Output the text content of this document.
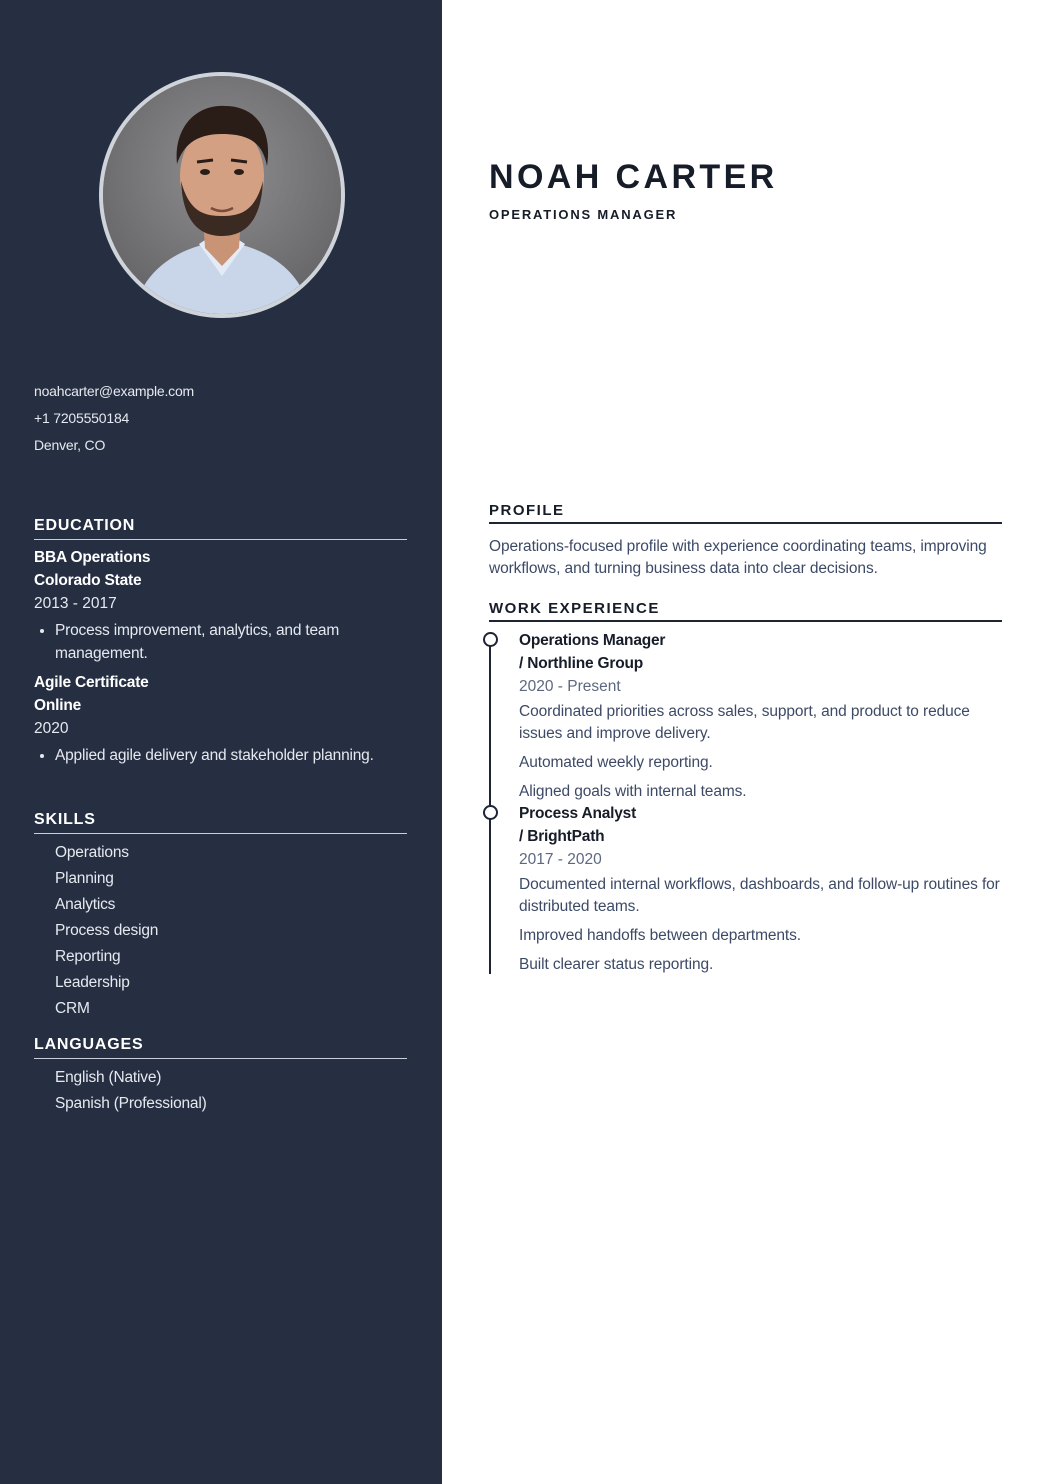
noahcarter@example.com
+1 7205550184
Denver, CO
EDUCATION
BBA Operations
Colorado State
2013 - 2017
• Process improvement, analytics, and team management.
Agile Certificate
Online
2020
• Applied agile delivery and stakeholder planning.
SKILLS
Operations
Planning
Analytics
Process design
Reporting
Leadership
CRM
LANGUAGES
English (Native)
Spanish (Professional)
NOAH CARTER
OPERATIONS MANAGER
PROFILE
Operations-focused profile with experience coordinating teams, improving workflows, and turning business data into clear decisions.
WORK EXPERIENCE
Operations Manager
/ Northline Group
2020 - Present
Coordinated priorities across sales, support, and product to reduce issues and improve delivery.
Automated weekly reporting.
Aligned goals with internal teams.
Process Analyst
/ BrightPath
2017 - 2020
Documented internal workflows, dashboards, and follow-up routines for distributed teams.
Improved handoffs between departments.
Built clearer status reporting.
